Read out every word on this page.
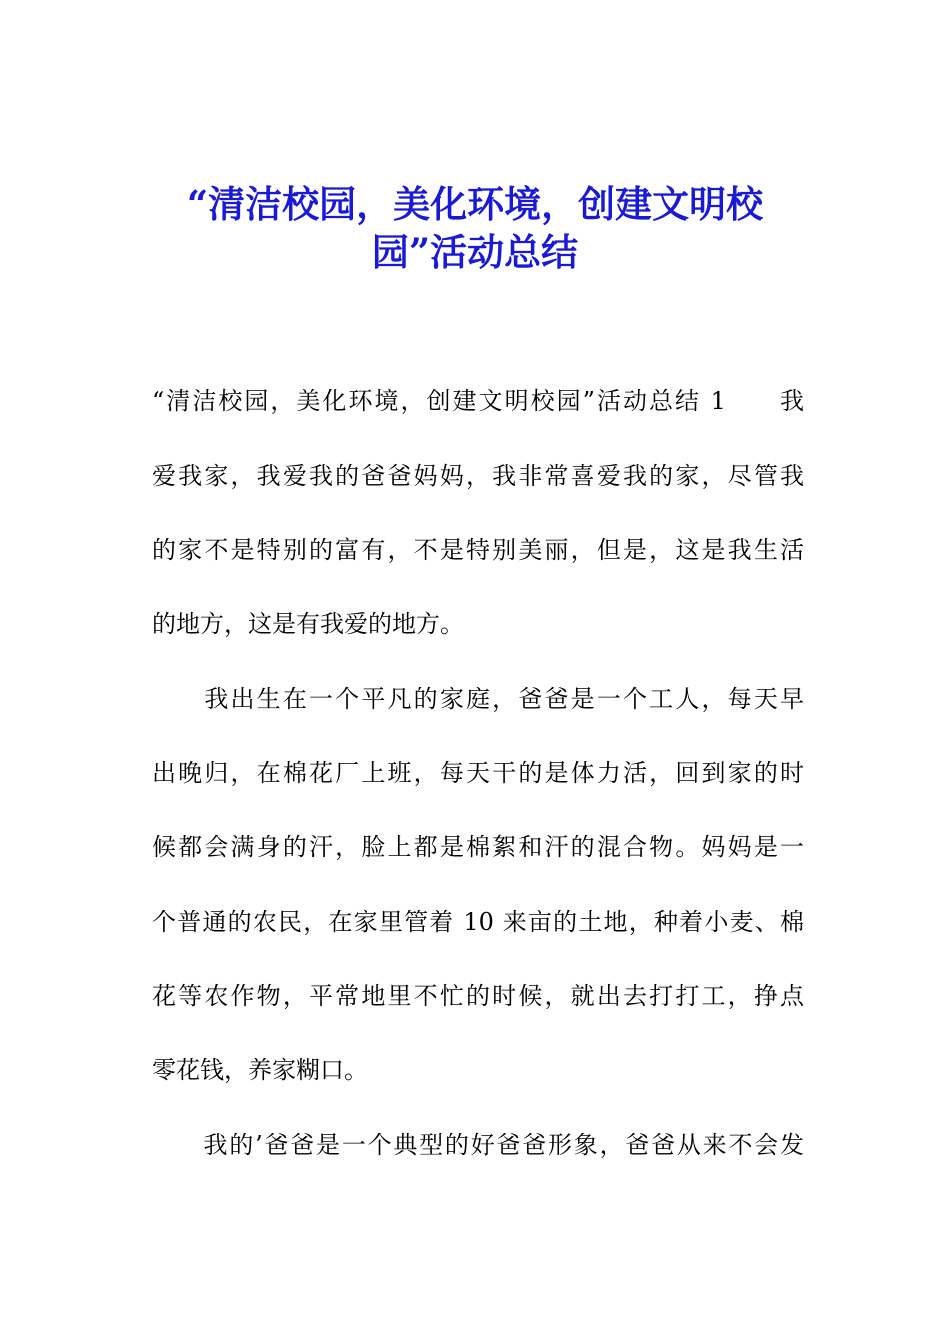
“清洁校园，美化环境，创建文明校
园”活动总结
“清洁校园，美化环境，创建文明校园”活动总结 1　　我
爱我家，我爱我的爸爸妈妈，我非常喜爱我的家，尽管我
的家不是特别的富有，不是特别美丽，但是，这是我生活
的地方，这是有我爱的地方。
　　我出生在一个平凡的家庭，爸爸是一个工人，每天早
出晚归，在棉花厂上班，每天干的是体力活，回到家的时
候都会满身的汗，脸上都是棉絮和汗的混合物。妈妈是一
个普通的农民，在家里管着 10 来亩的土地，种着小麦、棉
花等农作物，平常地里不忙的时候，就出去打打工，挣点
零花钱，养家糊口。
　　我的’爸爸是一个典型的好爸爸形象，爸爸从来不会发
